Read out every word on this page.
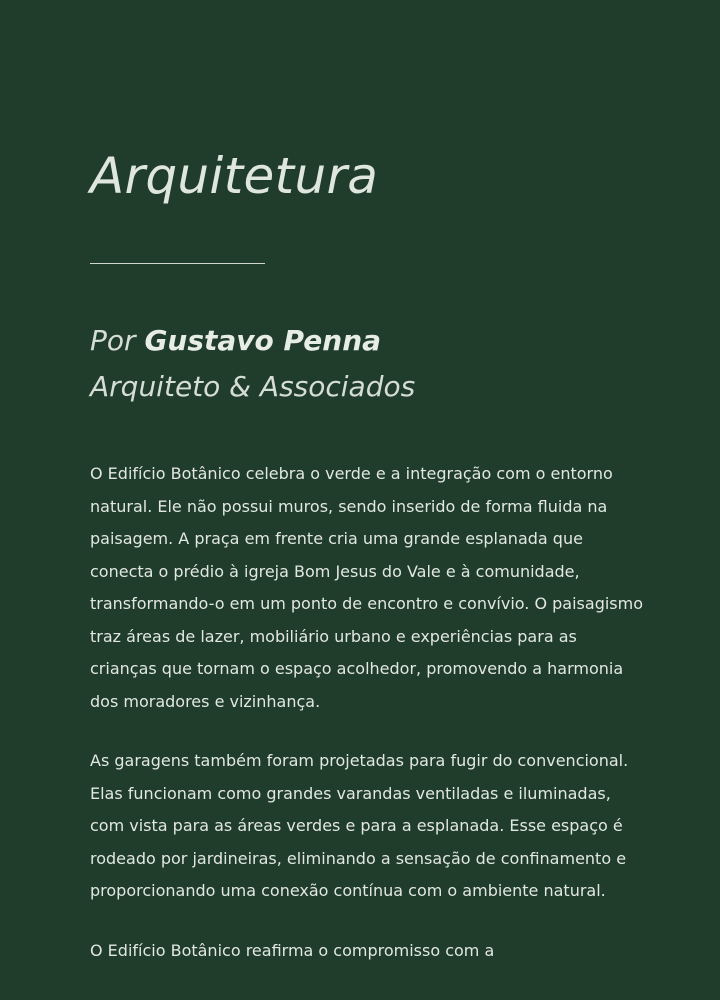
Arquitetura
Por Gustavo Penna
Arquiteto & Associados

O Edifício Botânico celebra o verde e a integração com o entorno natural. Ele não possui muros, sendo inserido de forma fluida na paisagem. A praça em frente cria uma grande esplanada que conecta o prédio à igreja Bom Jesus do Vale e à comunidade, transformando-o em um ponto de encontro e convívio. O paisagismo traz áreas de lazer, mobiliário urbano e experiências para as crianças que tornam o espaço acolhedor, promovendo a harmonia dos moradores e vizinhança.

As garagens também foram projetadas para fugir do convencional. Elas funcionam como grandes varandas ventiladas e iluminadas, com vista para as áreas verdes e para a esplanada. Esse espaço é rodeado por jardineiras, eliminando a sensação de confinamento e proporcionando uma conexão contínua com o ambiente natural.

O Edifício Botânico reafirma o compromisso com a
